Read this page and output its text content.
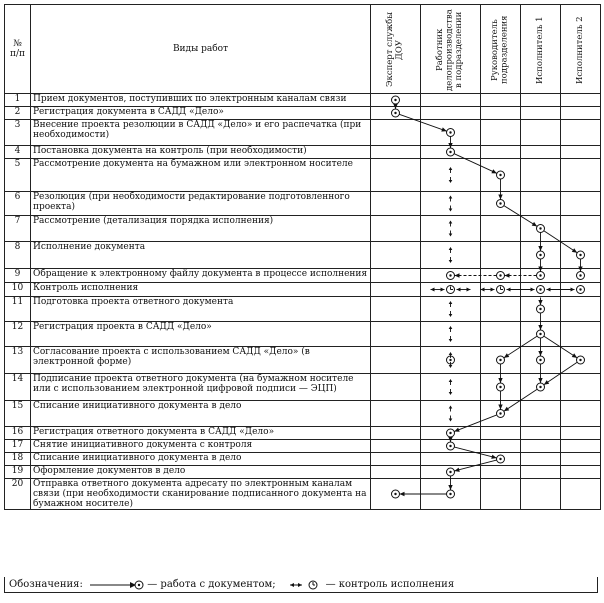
№
п/п	Виды работ	Эксперт службы ДОУ	Работник делопроизводства в подразделении	Руководитель подразделения	Исполнитель 1	Исполнитель 2

1	Прием документов, поступивших по электронным каналам связи					
2	Регистрация документа в САДД «Дело»					
3	Внесение проекта резолюции в САДД «Дело» и его распечатка (при необходимости)					
4	Постановка документа на контроль (при необходимости)					
5	Рассмотрение документа на бумажном или электронном носителе					
6	Резолюция (при необходимости редактирование подготовленного проекта)					
7	Рассмотрение (детализация порядка исполнения)					
8	Исполнение документа					
9	Обращение к электронному файлу документа в процессе исполнения					
10	Контроль исполнения					
11	Подготовка проекта ответного документа					
12	Регистрация проекта в САДД «Дело»					
13	Согласование проекта с использованием САДД «Дело» (в электронной форме)					
14	Подписание проекта ответного документа (на бумажном носителе или с использованием электронной цифровой подписи — ЭЦП)					
15	Списание инициативного документа в дело					
16	Регистрация ответного документа в САДД «Дело»					
17	Снятие инициативного документа с контроля					
18	Списание инициативного документа в дело					
19	Оформление документов в дело					
20	Отправка ответного документа адресату по электронным каналам связи (при необходимости сканирование подписанного документа на бумажном носителе)					
Обозначения:	— работа с документом;	— контроль исполнения
